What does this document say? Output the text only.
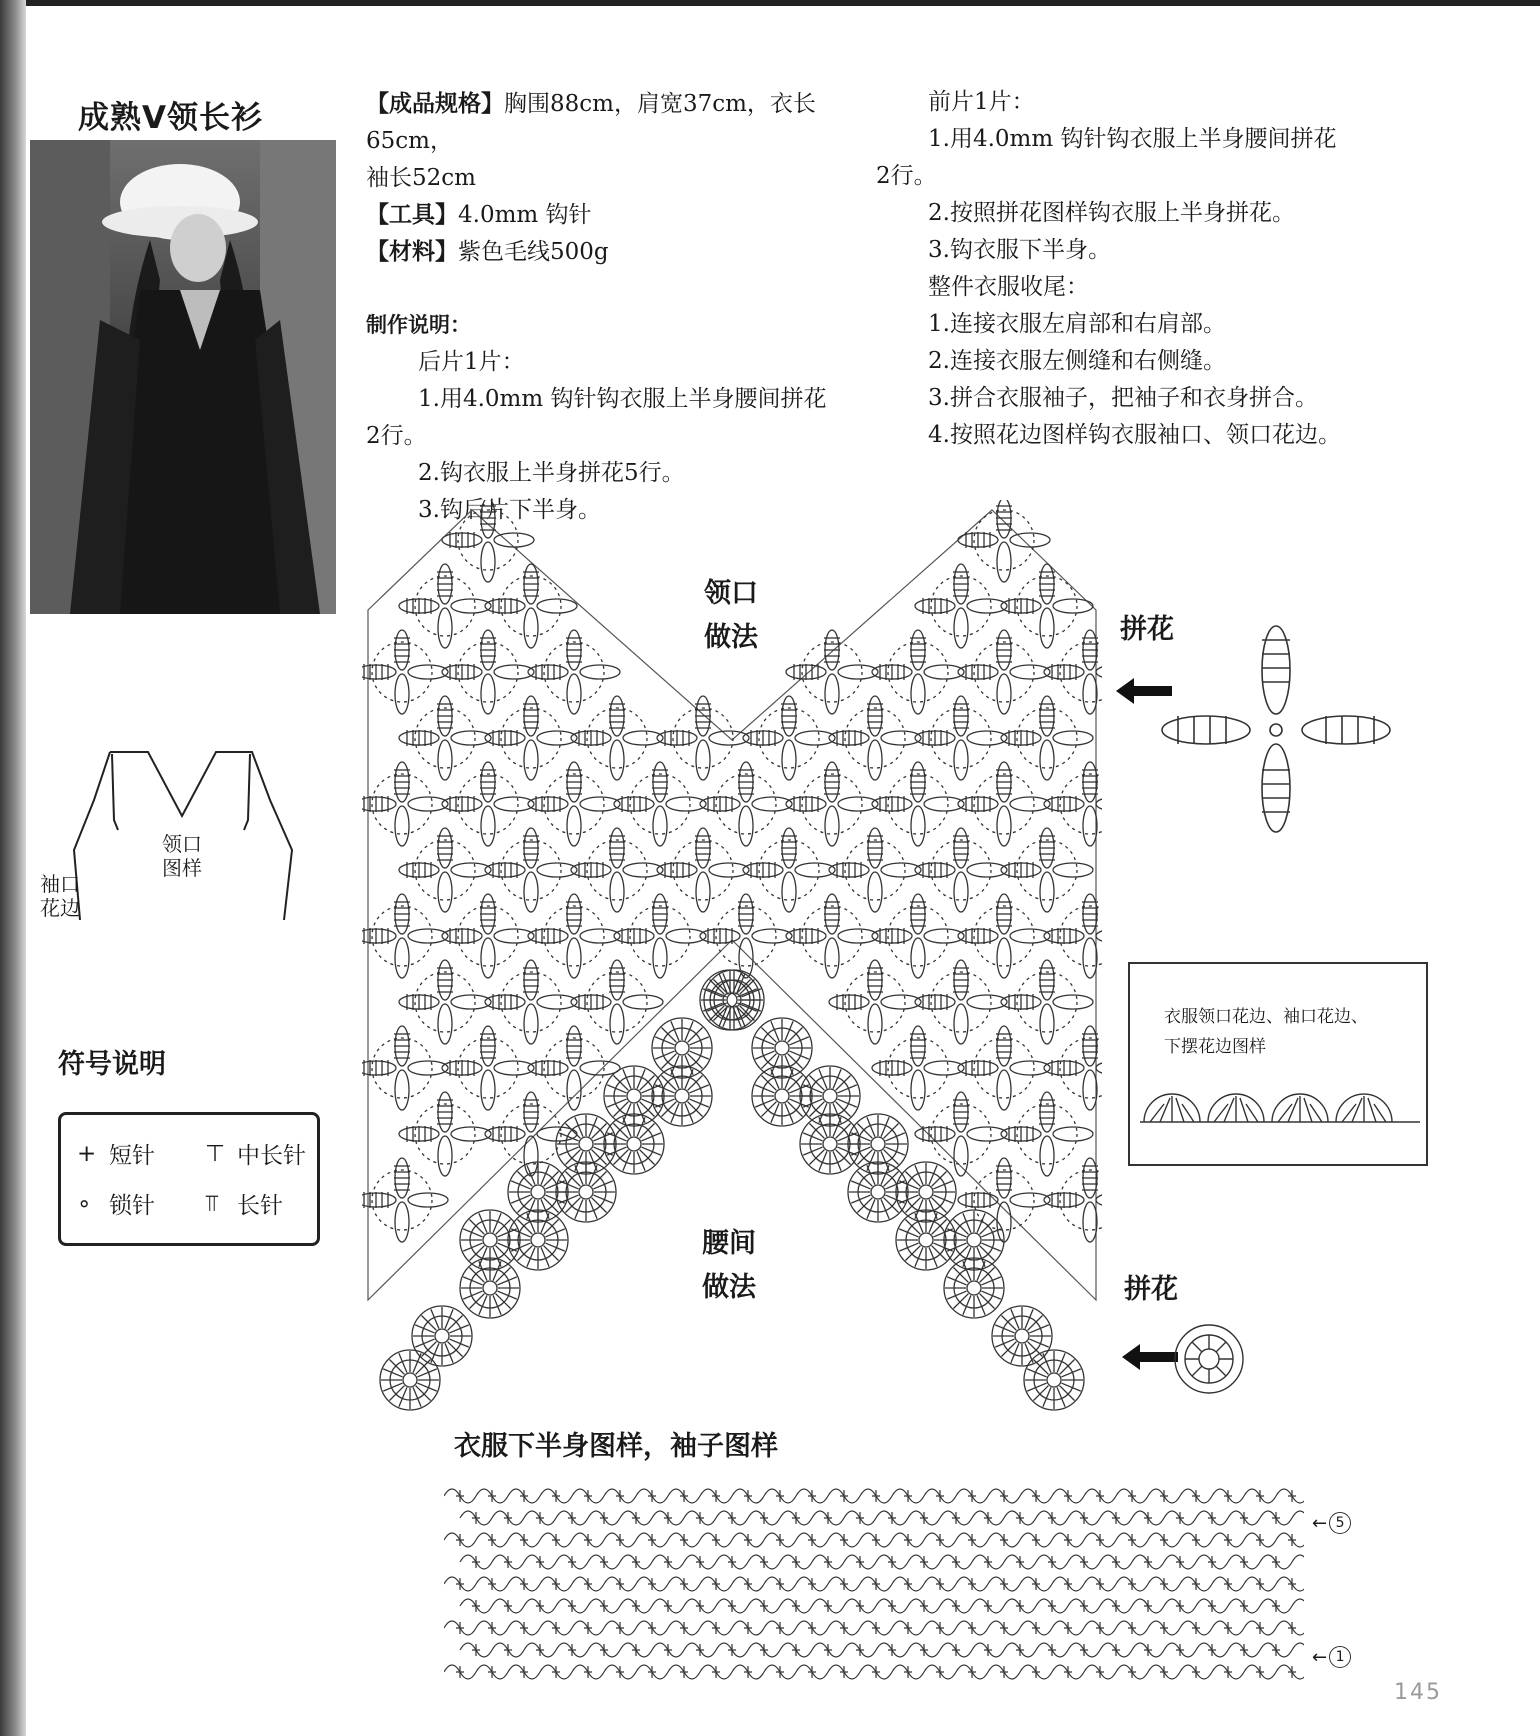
成熟V领长衫	【成品规格】胸围88cm，肩宽37cm，衣长65cm，

袖长52cm

【工具】4.0mm 钩针

【材料】紫色毛线500g

制作说明：

后片1片：

1.用4.0mm 钩针钩衣服上半身腰间拼花

2行。

2.钩衣服上半身拼花5行。

3.钩后片下半身。

前片1片：

1.用4.0mm 钩针钩衣服上半身腰间拼花

2行。

2.按照拼花图样钩衣服上半身拼花。

3.钩衣服下半身。

整件衣服收尾：

1.连接衣服左肩部和右肩部。

2.连接衣服左侧缝和右侧缝。

3.拼合衣服袖子，把袖子和衣身拼合。

4.按照花边图样钩衣服袖口、领口花边。

领口
图样
袖口
花边
符号说明
+ 短针 ⊤ 中长针
∘ 锁针 ⫪ 长针
领口
做法
腰间
做法
拼花
拼花
衣服领口花边、袖口花边、
下摆花边图样
衣服下半身图样，袖子图样
← 5
← 1
145
